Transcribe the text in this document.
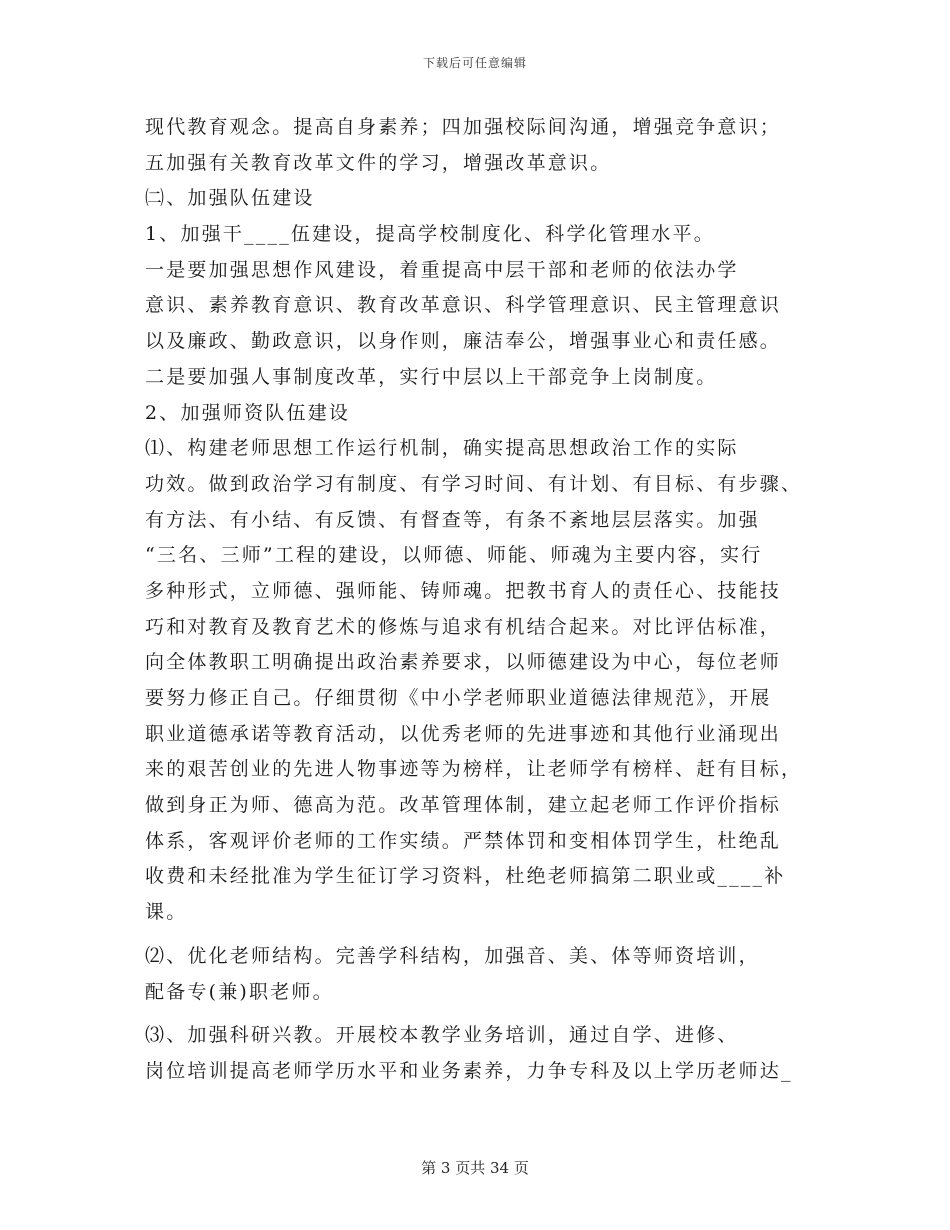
下载后可任意编辑
现代教育观念。提高自身素养；四加强校际间沟通，增强竞争意识；
五加强有关教育改革文件的学习，增强改革意识。
㈡、加强队伍建设
1、加强干____伍建设，提高学校制度化、科学化管理水平。
一是要加强思想作风建设，着重提高中层干部和老师的依法办学
意识、素养教育意识、教育改革意识、科学管理意识、民主管理意识
以及廉政、勤政意识，以身作则，廉洁奉公，增强事业心和责任感。
二是要加强人事制度改革，实行中层以上干部竞争上岗制度。
2、加强师资队伍建设
⑴、构建老师思想工作运行机制，确实提高思想政治工作的实际
功效。做到政治学习有制度、有学习时间、有计划、有目标、有步骤、
有方法、有小结、有反馈、有督查等，有条不紊地层层落实。加强
“三名、三师”工程的建设，以师德、师能、师魂为主要内容，实行
多种形式，立师德、强师能、铸师魂。把教书育人的责任心、技能技
巧和对教育及教育艺术的修炼与追求有机结合起来。对比评估标准，
向全体教职工明确提出政治素养要求，以师德建设为中心，每位老师
要努力修正自己。仔细贯彻《中小学老师职业道德法律规范》，开展
职业道德承诺等教育活动，以优秀老师的先进事迹和其他行业涌现出
来的艰苦创业的先进人物事迹等为榜样，让老师学有榜样、赶有目标，
做到身正为师、德高为范。改革管理体制，建立起老师工作评价指标
体系，客观评价老师的工作实绩。严禁体罚和变相体罚学生，杜绝乱
收费和未经批准为学生征订学习资料，杜绝老师搞第二职业或____补
课。
⑵、优化老师结构。完善学科结构，加强音、美、体等师资培训，
配备专(兼)职老师。
⑶、加强科研兴教。开展校本教学业务培训，通过自学、进修、
岗位培训提高老师学历水平和业务素养，力争专科及以上学历老师达_
第 3 页共 34 页
